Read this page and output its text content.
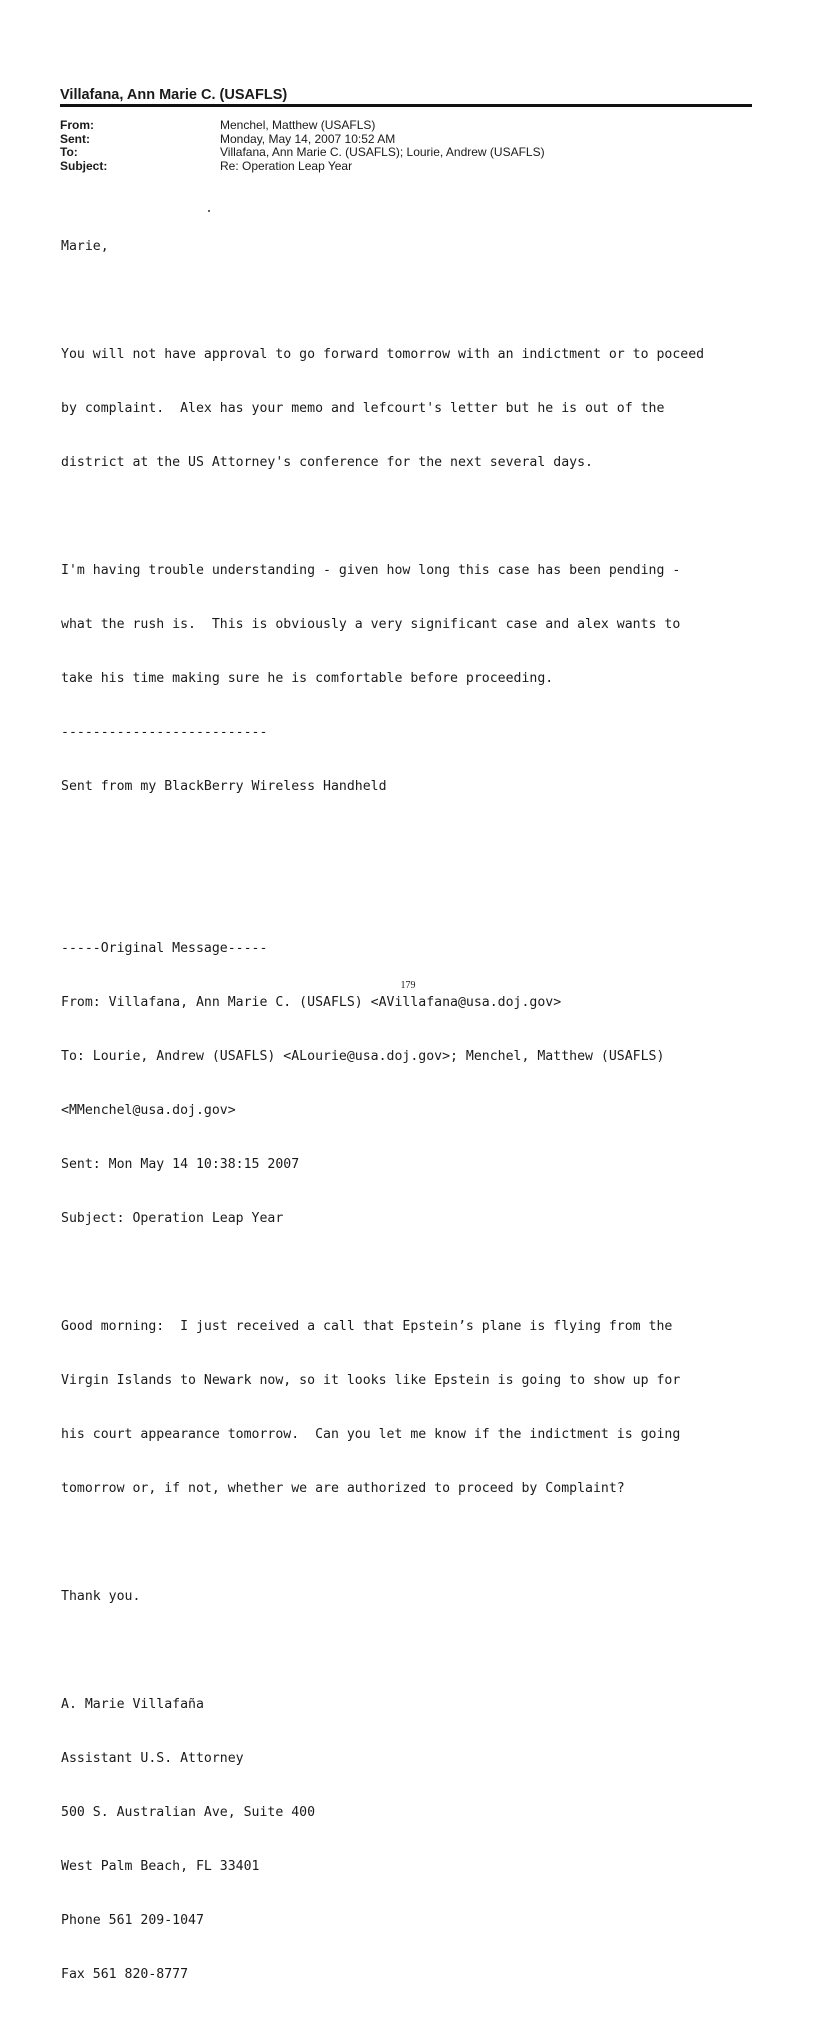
Villafana, Ann Marie C. (USAFLS)
From:	Menchel, Matthew (USAFLS)
Sent:	Monday, May 14, 2007 10:52 AM
To:	Villafana, Ann Marie C. (USAFLS); Lourie, Andrew (USAFLS)
Subject:	Re: Operation Leap Year

Marie,

You will not have approval to go forward tomorrow with an indictment or to poceed

by complaint.  Alex has your memo and lefcourt's letter but he is out of the

district at the US Attorney's conference for the next several days.

I'm having trouble understanding - given how long this case has been pending -

what the rush is.  This is obviously a very significant case and alex wants to

take his time making sure he is comfortable before proceeding.

--------------------------

Sent from my BlackBerry Wireless Handheld

-----Original Message-----

From: Villafana, Ann Marie C. (USAFLS) <AVillafana@usa.doj.gov>

To: Lourie, Andrew (USAFLS) <ALourie@usa.doj.gov>; Menchel, Matthew (USAFLS)

<MMenchel@usa.doj.gov>

Sent: Mon May 14 10:38:15 2007

Subject: Operation Leap Year

Good morning:  I just received a call that Epstein’s plane is flying from the

Virgin Islands to Newark now, so it looks like Epstein is going to show up for

his court appearance tomorrow.  Can you let me know if the indictment is going

tomorrow or, if not, whether we are authorized to proceed by Complaint?

Thank you.

A. Marie Villafaña

Assistant U.S. Attorney

500 S. Australian Ave, Suite 400

West Palm Beach, FL 33401

Phone 561 209-1047

Fax 561 820-8777

179
